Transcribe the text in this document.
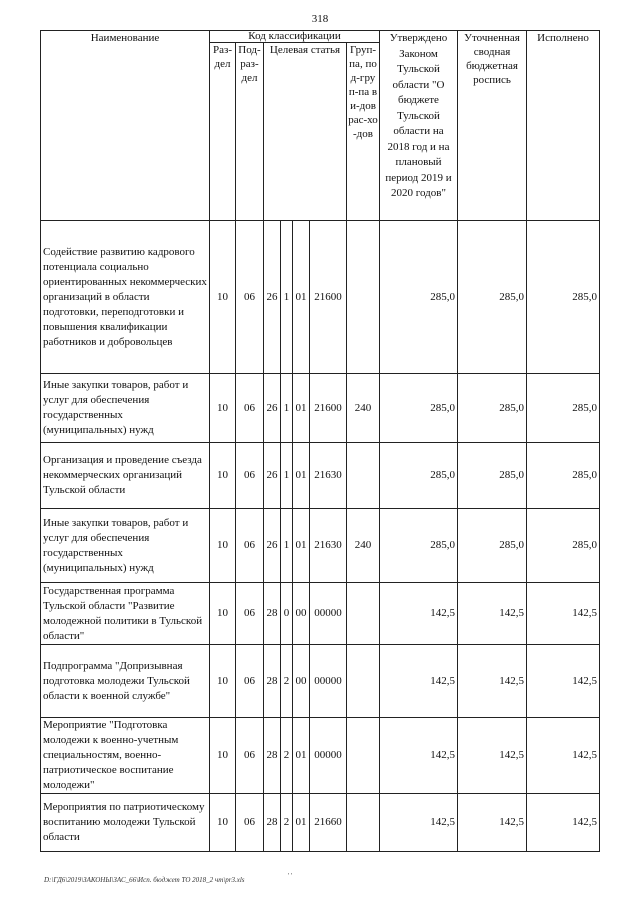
318
Наименование	Код классификации							Утверждено Законом Тульской области "О бюджете Тульской области на 2018 год и на плановый период 2019 и 2020 годов"	Уточненная сводная бюджетная роспись	Исполнено
	Раз-дел	Под-раз-дел	Целевая статья				Груп-па, под-груп-па ви-дов рас-хо-дов			
Содействие развитию кадрового потенциала социально ориентированных некоммерческих организаций в области подготовки, переподготовки и повышения квалификации работников и добровольцев	10	06	26	1	01	21600		285,0	285,0	285,0
Иные закупки товаров, работ и услуг для обеспечения государственных (муниципальных) нужд	10	06	26	1	01	21600	240	285,0	285,0	285,0
Организация и проведение съезда некоммерческих организаций Тульской области	10	06	26	1	01	21630		285,0	285,0	285,0
Иные закупки товаров, работ и услуг для обеспечения государственных (муниципальных) нужд	10	06	26	1	01	21630	240	285,0	285,0	285,0
Государственная программа Тульской области "Развитие молодежной политики в Тульской области"	10	06	28	0	00	00000		142,5	142,5	142,5
Подпрограмма "Допризывная подготовка молодежи Тульской области к военной службе"	10	06	28	2	00	00000		142,5	142,5	142,5
Мероприятие "Подготовка молодежи к военно-учетным специальностям, военно-патриотическое воспитание молодежи"	10	06	28	2	01	00000		142,5	142,5	142,5
Мероприятия по патриотическому воспитанию молодежи Тульской области	10	06	28	2	01	21660		142,5	142,5	142,5
D:\ГД6\2019\ЗАКОНЫ\ЗАС_66\Исп. бюджет ТО 2018_2 чт\pr3.xls	' '
